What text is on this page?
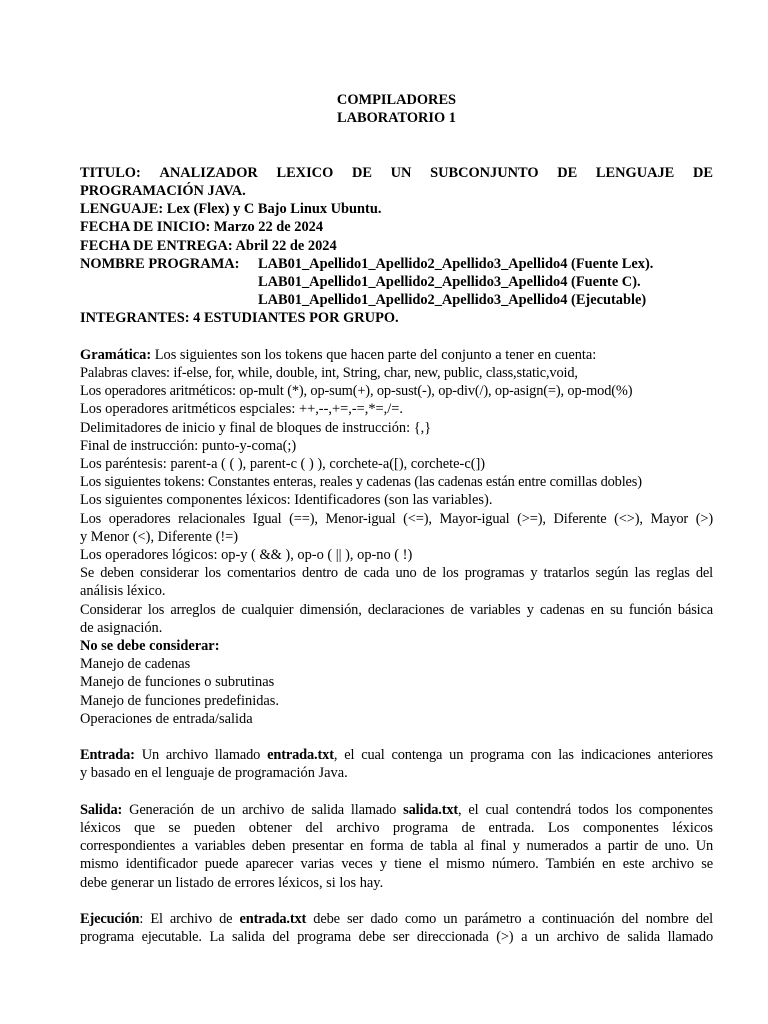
COMPILADORES
LABORATORIO 1
TITULO: ANALIZADOR LEXICO DE UN SUBCONJUNTO DE LENGUAJE DE
PROGRAMACIÓN JAVA.
LENGUAJE: Lex (Flex) y C Bajo Linux Ubuntu.
FECHA DE INICIO: Marzo 22 de 2024
FECHA DE ENTREGA: Abril 22 de 2024
NOMBRE PROGRAMA:	LAB01_Apellido1_Apellido2_Apellido3_Apellido4 (Fuente Lex).
LAB01_Apellido1_Apellido2_Apellido3_Apellido4 (Fuente C).
LAB01_Apellido1_Apellido2_Apellido3_Apellido4 (Ejecutable)
INTEGRANTES: 4 ESTUDIANTES POR GRUPO.
Gramática: Los siguientes son los tokens que hacen parte del conjunto a tener en cuenta:
Palabras claves: if-else, for, while, double, int, String, char, new, public, class,static,void,
Los operadores aritméticos: op-mult (*), op-sum(+), op-sust(-), op-div(/), op-asign(=), op-mod(%)
Los operadores aritméticos espciales: ++,--,+=,-=,*=,/=.
Delimitadores de inicio y final de bloques de instrucción: {,}
Final de instrucción: punto-y-coma(;)
Los paréntesis: parent-a ( ( ), parent-c ( ) ), corchete-a([), corchete-c(])
Los siguientes tokens: Constantes enteras, reales y cadenas (las cadenas están entre comillas dobles)
Los siguientes componentes léxicos: Identificadores (son las variables).
Los operadores relacionales Igual (==), Menor-igual (<=), Mayor-igual (>=), Diferente (<>), Mayor (>)
y Menor (<), Diferente (!=)
Los operadores lógicos: op-y ( && ), op-o ( || ), op-no ( !)
Se deben considerar los comentarios dentro de cada uno de los programas y tratarlos según las reglas del
análisis léxico.
Considerar los arreglos de cualquier dimensión, declaraciones de variables y cadenas en su función básica
de asignación.
No se debe considerar:
Manejo de cadenas
Manejo de funciones o subrutinas
Manejo de funciones predefinidas.
Operaciones de entrada/salida
Entrada: Un archivo llamado entrada.txt, el cual contenga un programa con las indicaciones anteriores
y basado en el lenguaje de programación Java.
Salida: Generación de un archivo de salida llamado salida.txt, el cual contendrá todos los componentes
léxicos que se pueden obtener del archivo programa de entrada. Los componentes léxicos
correspondientes a variables deben presentar en forma de tabla al final y numerados a partir de uno. Un
mismo identificador puede aparecer varias veces y tiene el mismo número. También en este archivo se
debe generar un listado de errores léxicos, si los hay.
Ejecución: El archivo de entrada.txt debe ser dado como un parámetro a continuación del nombre del
programa ejecutable. La salida del programa debe ser direccionada (>) a un archivo de salida llamado
